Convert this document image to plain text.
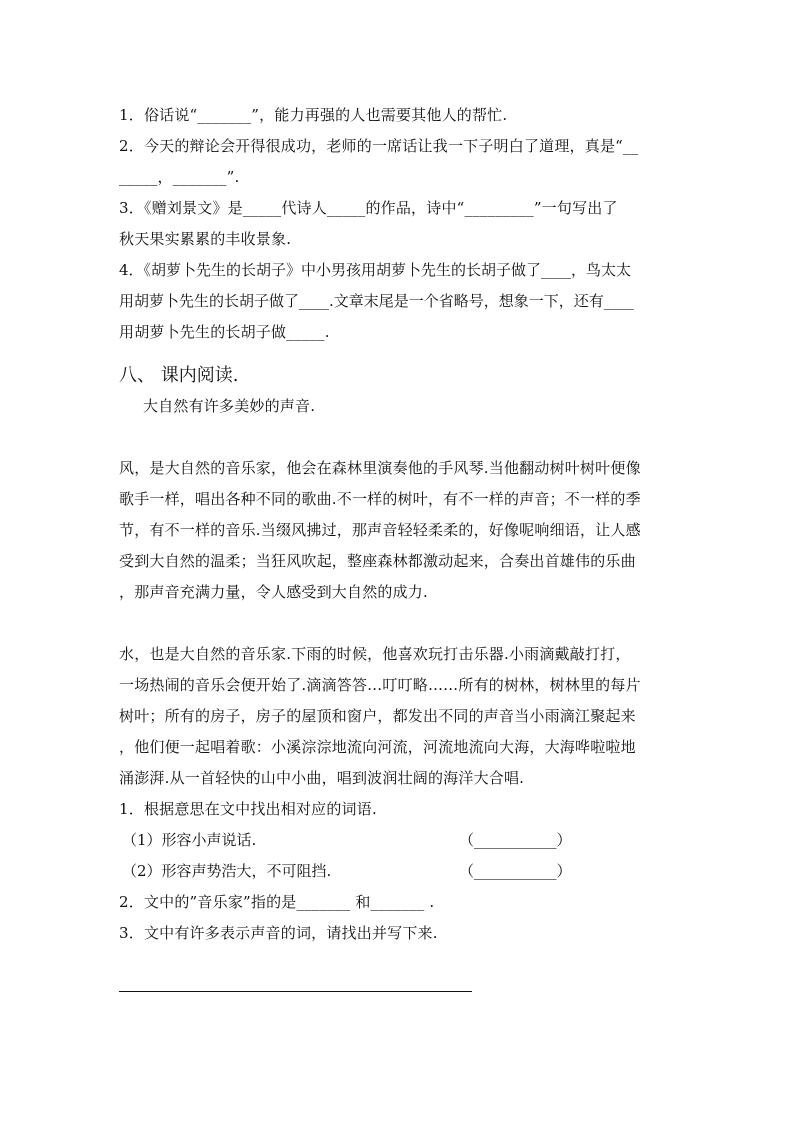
1．俗话说“_______”，能力再强的人也需要其他人的帮忙.
2．今天的辩论会开得很成功，老师的一席话让我一下子明白了道理，真是“__
_____，_______”.
3．《赠刘景文》是_____代诗人_____的作品，诗中“_________”一句写出了
秋天果实累累的丰收景象.
4．《胡萝卜先生的长胡子》中小男孩用胡萝卜先生的长胡子做了____，鸟太太
用胡萝卜先生的长胡子做了____.文章末尾是一个省略号，想象一下，还有____
用胡萝卜先生的长胡子做_____.
八、 课内阅读.
大自然有许多美妙的声音.
风，是大自然的音乐家，他会在森林里演奏他的手风琴.当他翻动树叶树叶便像
歌手一样，唱出各种不同的歌曲.不一样的树叶，有不一样的声音；不一样的季
节，有不一样的音乐.当缀风拂过，那声音轻轻柔柔的，好像呢响细语，让人感
受到大自然的温柔；当狂风吹起，整座森林都激动起来，合奏出首雄伟的乐曲
，那声音充满力量，令人感受到大自然的成力.
水，也是大自然的音乐家.下雨的时候，他喜欢玩打击乐器.小雨滴戴敲打打，
一场热闹的音乐会便开始了.滴滴答答…叮叮略……所有的树林，树林里的每片
树叶；所有的房子，房子的屋顶和窗户，都发出不同的声音当小雨滴江聚起来
，他们便一起唱着歌：小溪淙淙地流向河流，河流地流向大海，大海哗啦啦地
涌澎湃.从一首轻快的山中小曲，唱到波润壮阔的海洋大合唱.
1．根据意思在文中找出相对应的词语.
（1）形容小声说话.	（___________）
（2）形容声势浩大，不可阻挡.	（___________）
2．文中的”音乐家”指的是_______ 和_______ .
3．文中有许多表示声音的词，请找出并写下来.
